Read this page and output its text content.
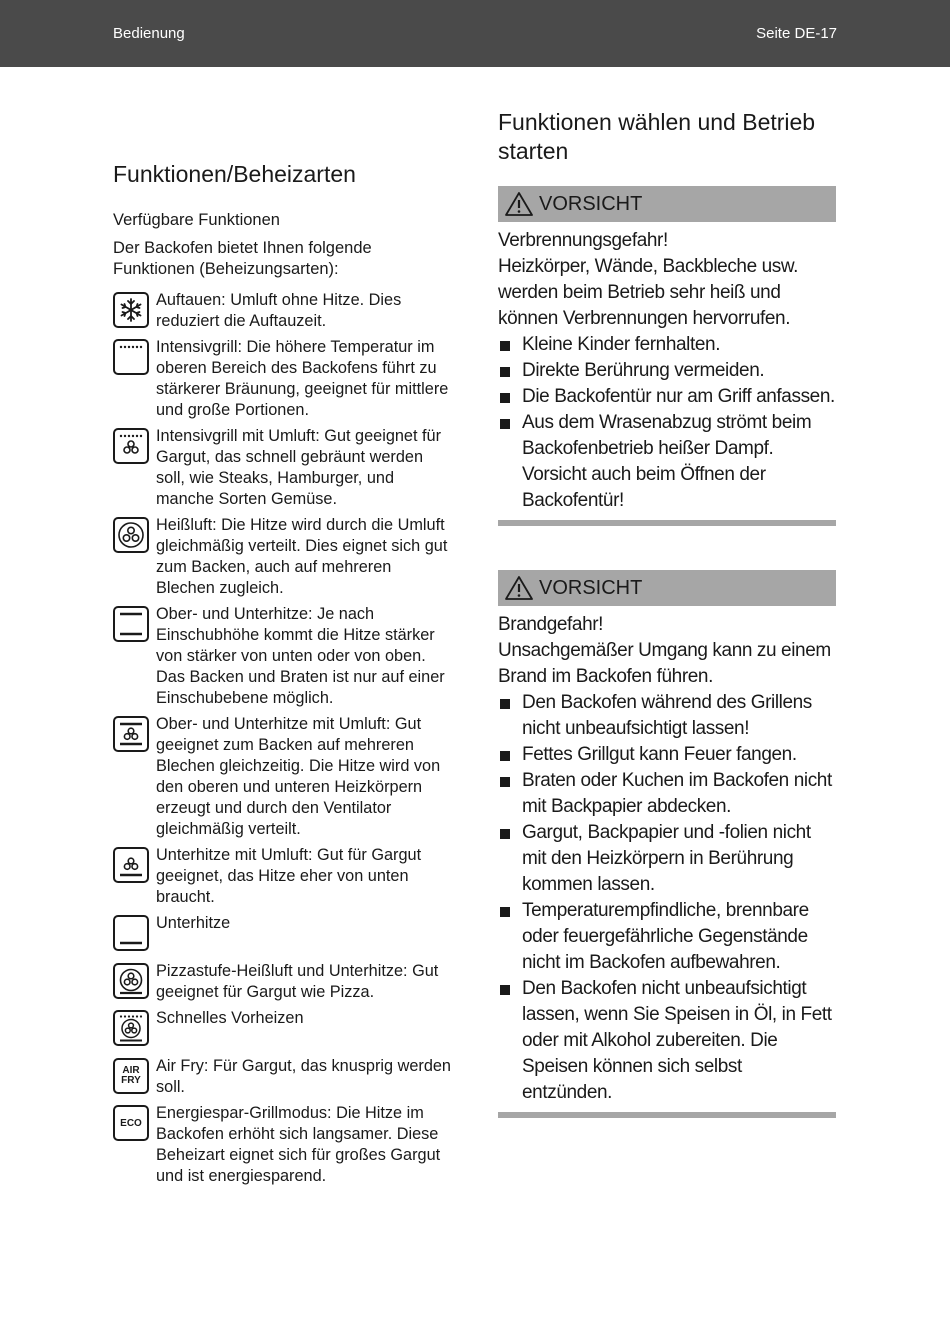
Bedienung	Seite DE-17
Funktionen/Beheizarten
Verfügbare Funktionen
Der Backofen bietet Ihnen folgende Funktionen (Beheizungsarten):
Auftauen: Umluft ohne Hitze. Dies reduziert die Auftauzeit.
Intensivgrill: Die höhere Temperatur im oberen Bereich des Backofens führt zu stärkerer Bräunung, geeignet für mittlere und große Portionen.
Intensivgrill mit Umluft: Gut geeignet für Gargut, das schnell gebräunt werden soll, wie Steaks, Hamburger, und manche Sorten Gemüse.
Heißluft: Die Hitze wird durch die Umluft gleichmäßig verteilt. Dies eignet sich gut zum Backen, auch auf mehreren Blechen zugleich.
Ober- und Unterhitze: Je nach Einschubhöhe kommt die Hitze stärker von stärker von unten oder von oben. Das Backen und Braten ist nur auf einer Einschubebene möglich.
Ober- und Unterhitze mit Umluft: Gut geeignet zum Backen auf mehreren Blechen gleichzeitig. Die Hitze wird von den oberen und unteren Heizkörpern erzeugt und durch den Ventilator gleichmäßig verteilt.
Unterhitze mit Umluft: Gut für Gargut geeignet, das Hitze eher von unten braucht.
Unterhitze
Pizzastufe-Heißluft und Unterhitze: Gut geeignet für Gargut wie Pizza.
Schnelles Vorheizen
AIR FRY
Air Fry: Für Gargut, das knusprig werden soll.
ECO
Energiespar-Grillmodus: Die Hitze im Backofen erhöht sich langsamer. Diese Beheizart eignet sich für großes Gargut und ist energiesparend.
Funktionen wählen und Betrieb starten
VORSICHT

Verbrennungsgefahr!

Heizkörper, Wände, Backbleche usw. werden beim Betrieb sehr heiß und können Verbrennungen hervorrufen.

Kleine Kinder fernhalten.
Direkte Berührung vermeiden.
Die Backofentür nur am Griff anfassen.
Aus dem Wrasenabzug strömt beim Backofenbetrieb heißer Dampf. Vorsicht auch beim Öffnen der Backofentür!
VORSICHT

Brandgefahr!

Unsachgemäßer Umgang kann zu einem Brand im Backofen führen.

Den Backofen während des Grillens nicht unbeaufsichtigt lassen!
Fettes Grillgut kann Feuer fangen.
Braten oder Kuchen im Backofen nicht mit Backpapier abdecken.
Gargut, Backpapier und -folien nicht mit den Heizkörpern in Berührung kommen lassen.
Temperaturempfindliche, brennbare oder feuergefährliche Gegenstände nicht im Backofen aufbewahren.
Den Backofen nicht unbeaufsichtigt lassen, wenn Sie Speisen in Öl, in Fett oder mit Alkohol zubereiten. Die Speisen können sich selbst entzünden.
